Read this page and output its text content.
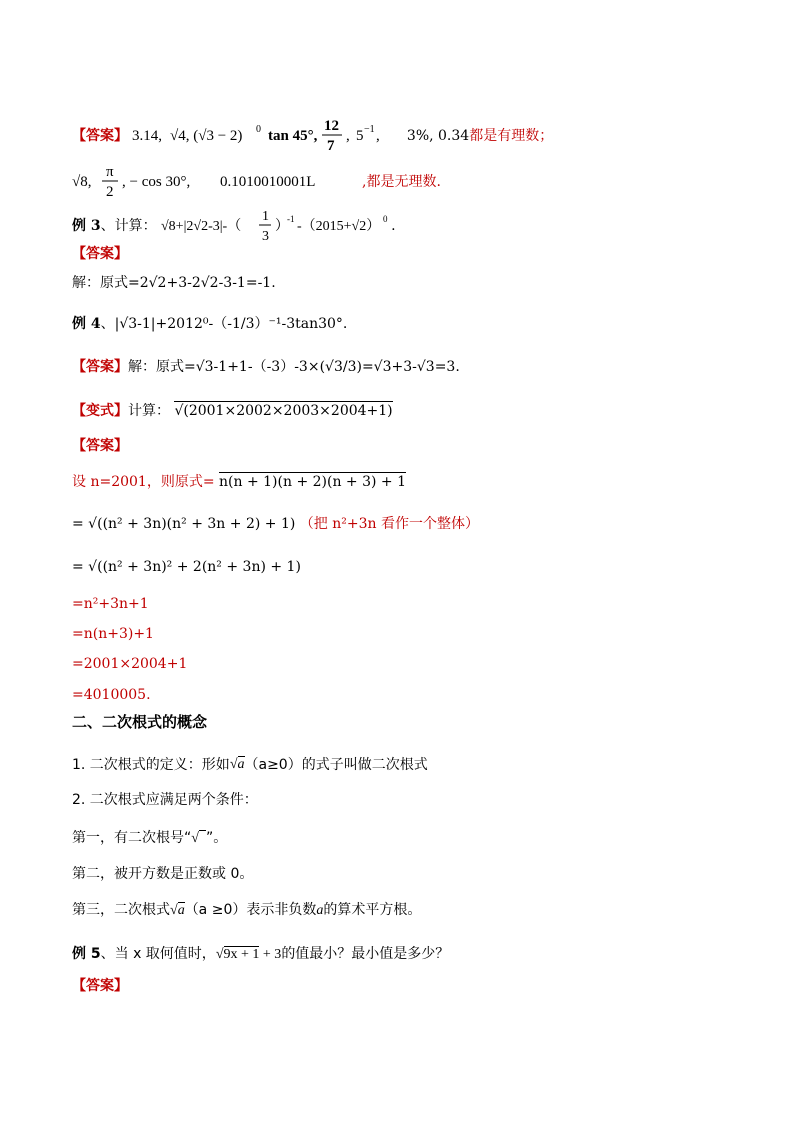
【答案】 3.14, √4, (√3 − 2) 0 tan 45°,
12
7
, 5 −1 , 3%, 0.34都是有理数；
√8,
π
2
, − cos 30°, 0.1010010001L	,都是无理数.
例 3、计算： √8+|2√2-3|-（
1
3
）
-1 -（2015+√2） 0 .
【答案】
解：原式=2√2+3-2√2-3-1=-1.
例 4、|√3-1|+2012⁰-（-1/3）⁻¹-3tan30°.
【答案】解：原式=√3-1+1-（-3）-3×(√3/3)=√3+3-√3=3.
【变式】计算： √(2001×2002×2003×2004+1)
【答案】
设 n=2001，则原式= n(n + 1)(n + 2)(n + 3) + 1
= √((n² + 3n)(n² + 3n + 2) + 1) （把 n²+3n 看作一个整体）
= √((n² + 3n)² + 2(n² + 3n) + 1)
=n²+3n+1
=n(n+3)+1
=2001×2004+1
=4010005.
二、二次根式的概念
1. 二次根式的定义：形如√a（a≥0）的式子叫做二次根式
2. 二次根式应满足两个条件：
第一，有二次根号“√ ”。
第二，被开方数是正数或 0。
第三，二次根式√a（a ≥0）表示非负数a的算术平方根。
例 5、当 x 取何值时，√9x + 1 + 3的值最小？最小值是多少？
【答案】
